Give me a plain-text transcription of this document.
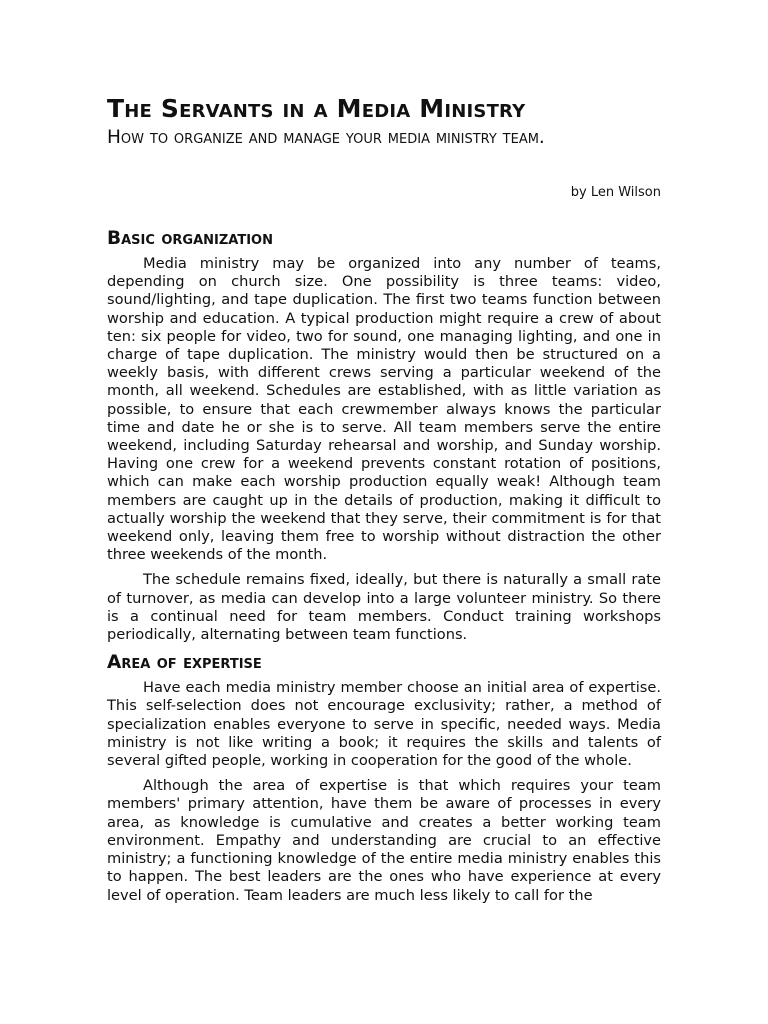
The Servants in a Media Ministry
How to organize and manage your media ministry team.

by Len Wilson

Basic organization

Media ministry may be organized into any number of teams, depending on church size. One possibility is three teams: video, sound/lighting, and tape duplication. The first two teams function between worship and education. A typical production might require a crew of about ten: six people for video, two for sound, one managing lighting, and one in charge of tape duplication. The ministry would then be structured on a weekly basis, with different crews serving a particular weekend of the month, all weekend. Schedules are established, with as little variation as possible, to ensure that each crewmember always knows the particular time and date he or she is to serve. All team members serve the entire weekend, including Saturday rehearsal and worship, and Sunday worship. Having one crew for a weekend prevents constant rotation of positions, which can make each worship production equally weak! Although team members are caught up in the details of production, making it difficult to actually worship the weekend that they serve, their commitment is for that weekend only, leaving them free to worship without distraction the other three weekends of the month.

The schedule remains fixed, ideally, but there is naturally a small rate of turnover, as media can develop into a large volunteer ministry. So there is a continual need for team members. Conduct training workshops periodically, alternating between team functions.

Area of expertise

Have each media ministry member choose an initial area of expertise. This self-selection does not encourage exclusivity; rather, a method of specialization enables everyone to serve in specific, needed ways. Media ministry is not like writing a book; it requires the skills and talents of several gifted people, working in cooperation for the good of the whole.

Although the area of expertise is that which requires your team members' primary attention, have them be aware of processes in every area, as knowledge is cumulative and creates a better working team environment. Empathy and understanding are crucial to an effective ministry; a functioning knowledge of the entire media ministry enables this to happen. The best leaders are the ones who have experience at every level of operation. Team leaders are much less likely to call for the
